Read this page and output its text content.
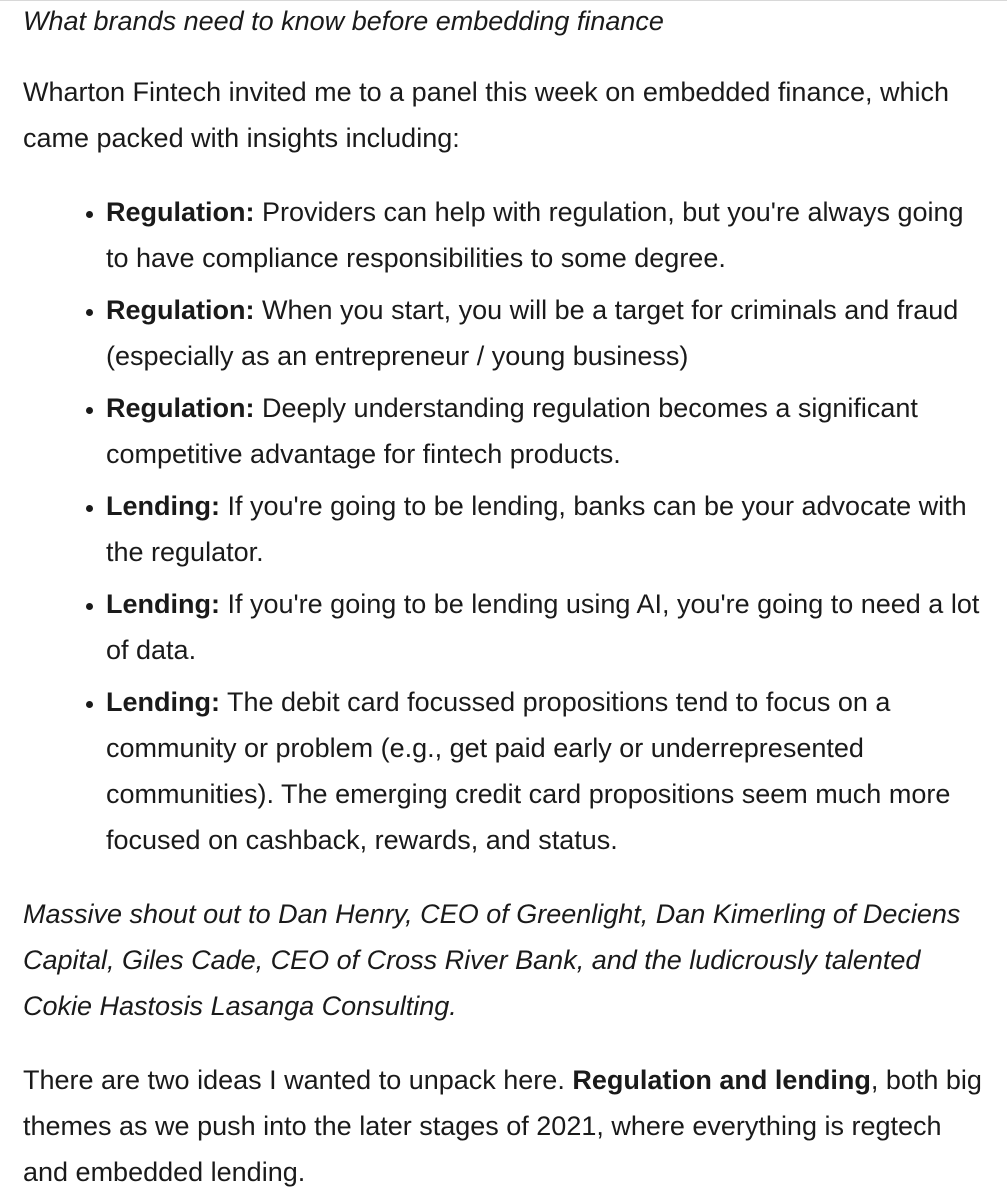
What brands need to know before embedding finance

Wharton Fintech invited me to a panel this week on embedded finance, which came packed with insights including:

• Regulation: Providers can help with regulation, but you're always going to have compliance responsibilities to some degree.
• Regulation: When you start, you will be a target for criminals and fraud (especially as an entrepreneur / young business)
• Regulation: Deeply understanding regulation becomes a significant competitive advantage for fintech products.
• Lending: If you're going to be lending, banks can be your advocate with the regulator.
• Lending: If you're going to be lending using AI, you're going to need a lot of data.
• Lending: The debit card focussed propositions tend to focus on a community or problem (e.g., get paid early or underrepresented communities). The emerging credit card propositions seem much more focused on cashback, rewards, and status.

Massive shout out to Dan Henry, CEO of Greenlight, Dan Kimerling of Deciens Capital, Giles Cade, CEO of Cross River Bank, and the ludicrously talented Cokie Hastosis Lasanga Consulting.

There are two ideas I wanted to unpack here. Regulation and lending, both big themes as we push into the later stages of 2021, where everything is regtech and embedded lending.
